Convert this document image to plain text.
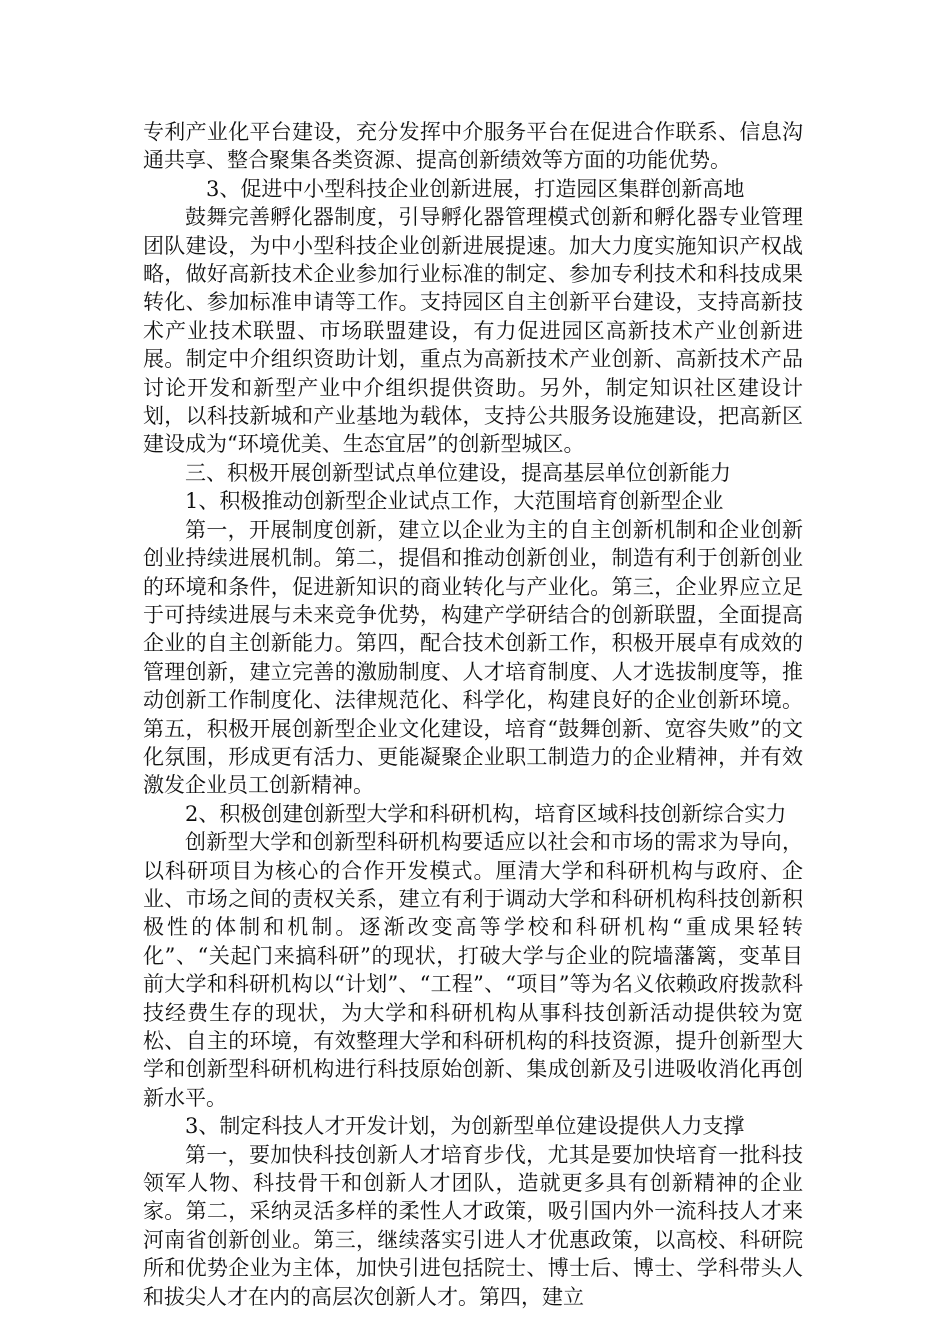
专利产业化平台建设，充分发挥中介服务平台在促进合作联系、信息沟通共享、整合聚集各类资源、提高创新绩效等方面的功能优势。

3、促进中小型科技企业创新进展，打造园区集群创新高地

鼓舞完善孵化器制度，引导孵化器管理模式创新和孵化器专业管理团队建设，为中小型科技企业创新进展提速。加大力度实施知识产权战略，做好高新技术企业参加行业标准的制定、参加专利技术和科技成果转化、参加标准申请等工作。支持园区自主创新平台建设，支持高新技术产业技术联盟、市场联盟建设，有力促进园区高新技术产业创新进展。制定中介组织资助计划，重点为高新技术产业创新、高新技术产品讨论开发和新型产业中介组织提供资助。另外，制定知识社区建设计划，以科技新城和产业基地为载体，支持公共服务设施建设，把高新区建设成为“环境优美、生态宜居”的创新型城区。

三、积极开展创新型试点单位建设，提高基层单位创新能力

1、积极推动创新型企业试点工作，大范围培育创新型企业

第一，开展制度创新，建立以企业为主的自主创新机制和企业创新创业持续进展机制。第二，提倡和推动创新创业，制造有利于创新创业的环境和条件，促进新知识的商业转化与产业化。第三，企业界应立足于可持续进展与未来竞争优势，构建产学研结合的创新联盟，全面提高企业的自主创新能力。第四，配合技术创新工作，积极开展卓有成效的管理创新，建立完善的激励制度、人才培育制度、人才选拔制度等，推动创新工作制度化、法律规范化、科学化，构建良好的企业创新环境。第五，积极开展创新型企业文化建设，培育“鼓舞创新、宽容失败”的文化氛围，形成更有活力、更能凝聚企业职工制造力的企业精神，并有效激发企业员工创新精神。

2、积极创建创新型大学和科研机构，培育区域科技创新综合实力

创新型大学和创新型科研机构要适应以社会和市场的需求为导向，以科研项目为核心的合作开发模式。厘清大学和科研机构与政府、企业、市场之间的责权关系，建立有利于调动大学和科研机构科技创新积极性的体制和机制。逐渐改变高等学校和科研机构“重成果轻转化”、“关起门来搞科研”的现状，打破大学与企业的院墙藩篱，变革目前大学和科研机构以“计划”、“工程”、“项目”等为名义依赖政府拨款科技经费生存的现状，为大学和科研机构从事科技创新活动提供较为宽松、自主的环境，有效整理大学和科研机构的科技资源，提升创新型大学和创新型科研机构进行科技原始创新、集成创新及引进吸收消化再创新水平。

3、制定科技人才开发计划，为创新型单位建设提供人力支撑

第一，要加快科技创新人才培育步伐，尤其是要加快培育一批科技领军人物、科技骨干和创新人才团队，造就更多具有创新精神的企业家。第二，采纳灵活多样的柔性人才政策，吸引国内外一流科技人才来河南省创新创业。第三，继续落实引进人才优惠政策，以高校、科研院所和优势企业为主体，加快引进包括院士、博士后、博士、学科带头人和拔尖人才在内的高层次创新人才。第四，建立
